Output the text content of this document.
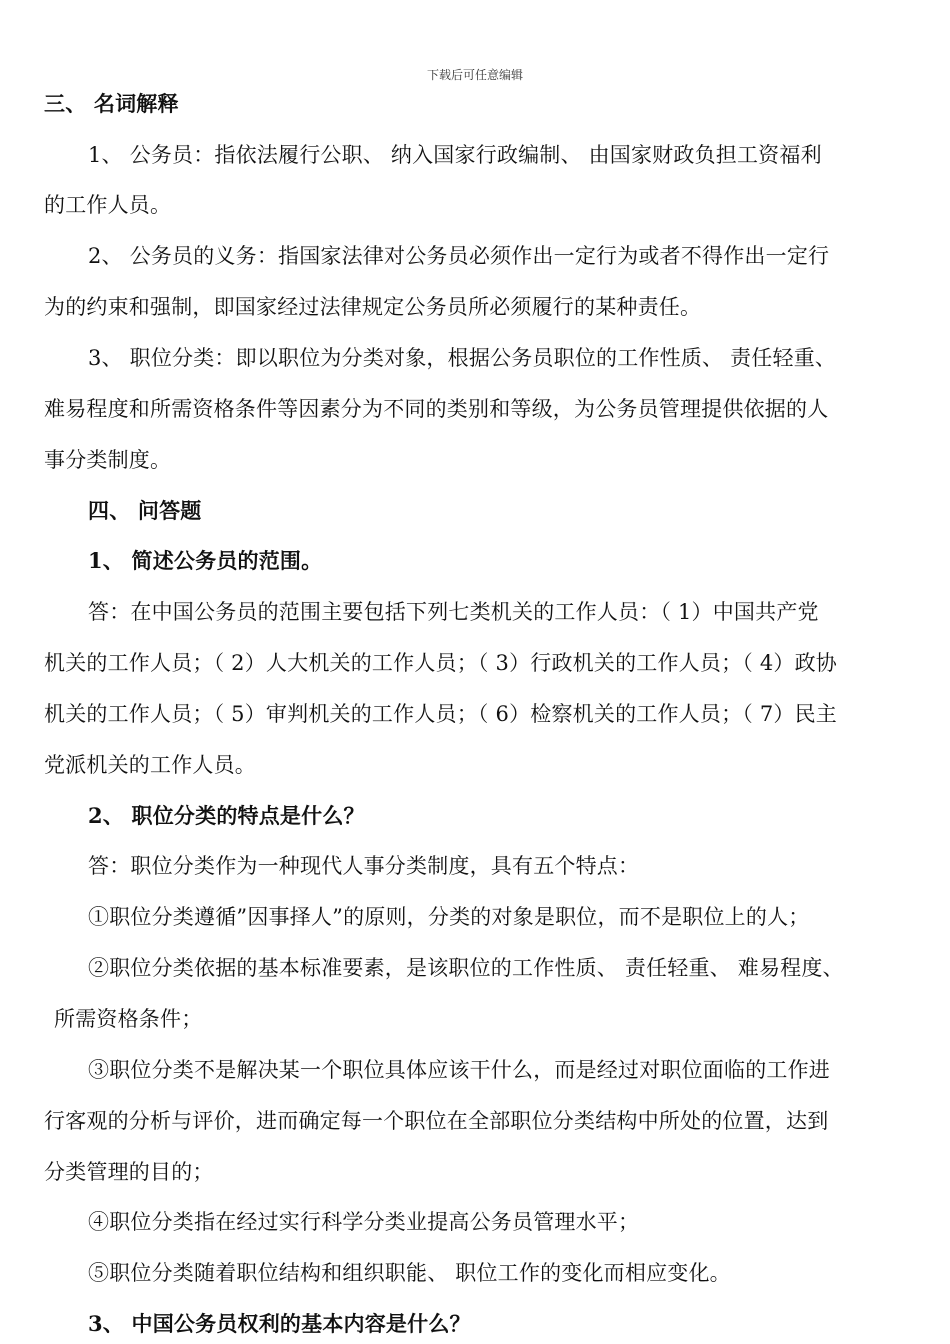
下载后可任意编辑
三、 名词解释
1、 公务员：指依法履行公职、 纳入国家行政编制、 由国家财政负担工资福利
的工作人员。
2、 公务员的义务：指国家法律对公务员必须作出一定行为或者不得作出一定行
为的约束和强制，即国家经过法律规定公务员所必须履行的某种责任。
3、 职位分类：即以职位为分类对象，根据公务员职位的工作性质、 责任轻重、
难易程度和所需资格条件等因素分为不同的类别和等级，为公务员管理提供依据的人
事分类制度。
四、 问答题
1、 简述公务员的范围。
答：在中国公务员的范围主要包括下列七类机关的工作人员：（ 1）中国共产党
机关的工作人员；（ 2）人大机关的工作人员；（ 3）行政机关的工作人员；（ 4）政协
机关的工作人员；（ 5）审判机关的工作人员；（ 6）检察机关的工作人员；（ 7）民主
党派机关的工作人员。
2、 职位分类的特点是什么？
答：职位分类作为一种现代人事分类制度，具有五个特点：
①职位分类遵循”因事择人”的原则，分类的对象是职位，而不是职位上的人；
②职位分类依据的基本标准要素，是该职位的工作性质、 责任轻重、 难易程度、
所需资格条件；
③职位分类不是解决某一个职位具体应该干什么，而是经过对职位面临的工作进
行客观的分析与评价，进而确定每一个职位在全部职位分类结构中所处的位置，达到
分类管理的目的；
④职位分类指在经过实行科学分类业提高公务员管理水平；
⑤职位分类随着职位结构和组织职能、 职位工作的变化而相应变化。
3、 中国公务员权利的基本内容是什么？
